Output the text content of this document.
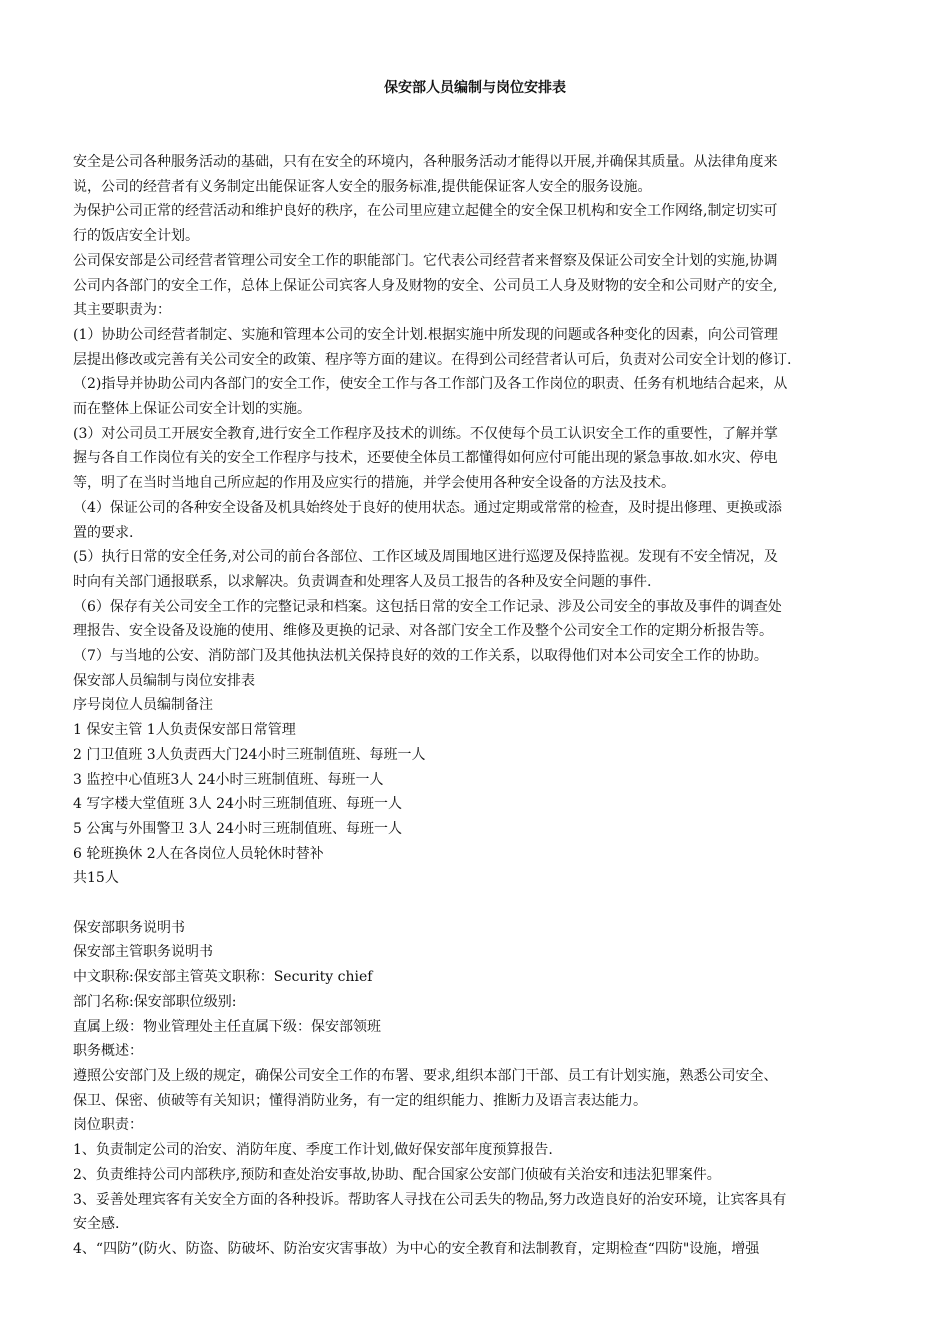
保安部人员编制与岗位安排表

安全是公司各种服务活动的基础，只有在安全的环境内，各种服务活动才能得以开展,并确保其质量。从法律角度来

说，公司的经营者有义务制定出能保证客人安全的服务标准,提供能保证客人安全的服务设施。

为保护公司正常的经营活动和维护良好的秩序，在公司里应建立起健全的安全保卫机构和安全工作网络,制定切实可

行的饭店安全计划。

公司保安部是公司经营者管理公司安全工作的职能部门。它代表公司经营者来督察及保证公司安全计划的实施,协调

公司内各部门的安全工作，总体上保证公司宾客人身及财物的安全、公司员工人身及财物的安全和公司财产的安全,

其主要职责为：

(1）协助公司经营者制定、实施和管理本公司的安全计划.根据实施中所发现的问题或各种变化的因素，向公司管理

层提出修改或完善有关公司安全的政策、程序等方面的建议。在得到公司经营者认可后，负责对公司安全计划的修订.

（2)指导并协助公司内各部门的安全工作，使安全工作与各工作部门及各工作岗位的职责、任务有机地结合起来，从

而在整体上保证公司安全计划的实施。

(3）对公司员工开展安全教育,进行安全工作程序及技术的训练。不仅使每个员工认识安全工作的重要性，了解并掌

握与各自工作岗位有关的安全工作程序与技术，还要使全体员工都懂得如何应付可能出现的紧急事故.如水灾、停电

等，明了在当时当地自己所应起的作用及应实行的措施，并学会使用各种安全设备的方法及技术。

（4）保证公司的各种安全设备及机具始终处于良好的使用状态。通过定期或常常的检查，及时提出修理、更换或添

置的要求.

(5）执行日常的安全任务,对公司的前台各部位、工作区域及周围地区进行巡逻及保持监视。发现有不安全情况，及

时向有关部门通报联系，以求解决。负责调查和处理客人及员工报告的各种及安全问题的事件.

（6）保存有关公司安全工作的完整记录和档案。这包括日常的安全工作记录、涉及公司安全的事故及事件的调查处

理报告、安全设备及设施的使用、维修及更换的记录、对各部门安全工作及整个公司安全工作的定期分析报告等。

（7）与当地的公安、消防部门及其他执法机关保持良好的效的工作关系，以取得他们对本公司安全工作的协助。

保安部人员编制与岗位安排表

序号岗位人员编制备注

1 保安主管 1人负责保安部日常管理

2 门卫值班 3人负责西大门24小时三班制值班、每班一人

3 监控中心值班3人 24小时三班制值班、每班一人

4 写字楼大堂值班 3人 24小时三班制值班、每班一人

5 公寓与外围警卫 3人 24小时三班制值班、每班一人

6 轮班换休 2人在各岗位人员轮休时替补

共15人

保安部职务说明书

保安部主管职务说明书

中文职称:保安部主管英文职称：Security chief

部门名称:保安部职位级别:

直属上级：物业管理处主任直属下级：保安部领班

职务概述：

遵照公安部门及上级的规定，确保公司安全工作的布署、要求,组织本部门干部、员工有计划实施，熟悉公司安全、

保卫、保密、侦破等有关知识；懂得消防业务，有一定的组织能力、推断力及语言表达能力。

岗位职责：

1、负责制定公司的治安、消防年度、季度工作计划,做好保安部年度预算报告.

2、负责维持公司内部秩序,预防和查处治安事故,协助、配合国家公安部门侦破有关治安和违法犯罪案件。

3、妥善处理宾客有关安全方面的各种投诉。帮助客人寻找在公司丢失的物品,努力改造良好的治安环境，让宾客具有

安全感.

4、“四防”(防火、防盗、防破坏、防治安灾害事故）为中心的安全教育和法制教育，定期检查“四防"设施，增强
